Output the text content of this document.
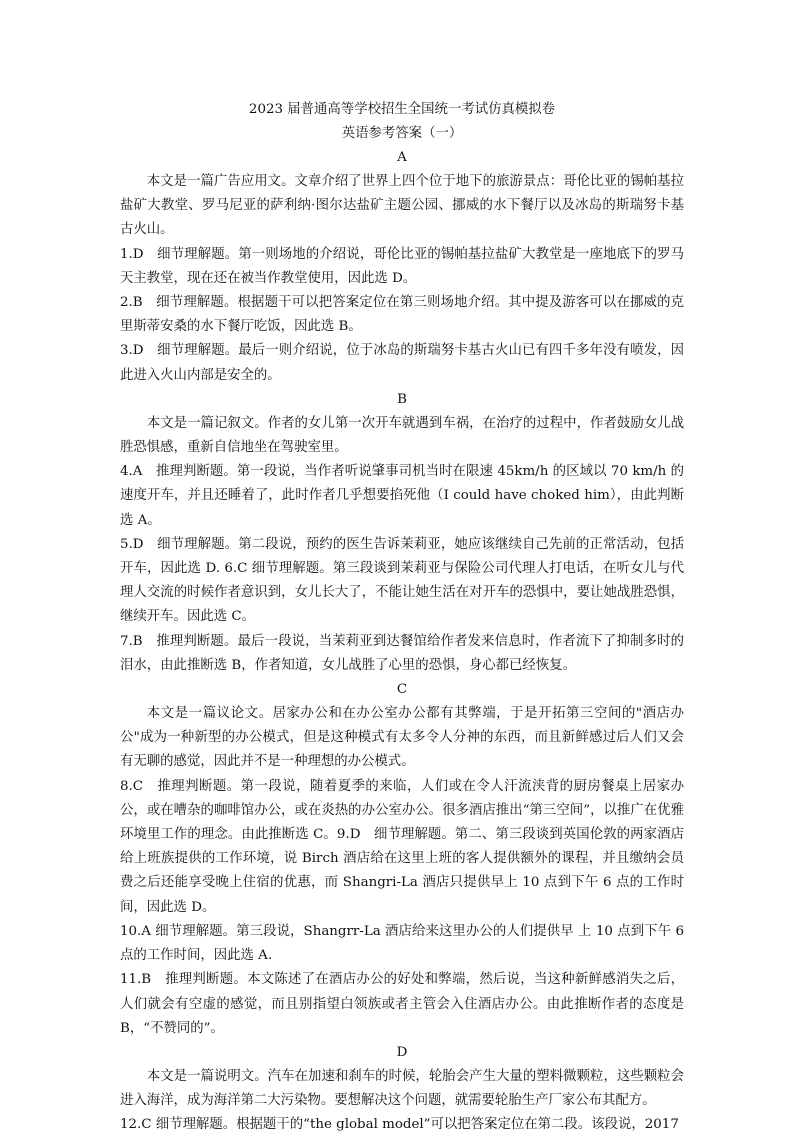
2023 届普通高等学校招生全国统一考试仿真模拟卷
英语参考答案（一）
A

本文是一篇广告应用文。文章介绍了世界上四个位于地下的旅游景点：哥伦比亚的锡帕基拉盐矿大教堂、罗马尼亚的萨利纳·图尔达盐矿主题公园、挪威的水下餐厅以及冰岛的斯瑞努卡基古火山。

1.D　细节理解题。第一则场地的介绍说，哥伦比亚的锡帕基拉盐矿大教堂是一座地底下的罗马天主教堂，现在还在被当作教堂使用，因此选 D。

2.B　细节理解题。根据题干可以把答案定位在第三则场地介绍。其中提及游客可以在挪威的克里斯蒂安桑的水下餐厅吃饭，因此选 B。

3.D　细节理解题。最后一则介绍说，位于冰岛的斯瑞努卡基古火山已有四千多年没有喷发，因此进入火山内部是安全的。

B

本文是一篇记叙文。作者的女儿第一次开车就遇到车祸，在治疗的过程中，作者鼓励女儿战胜恐惧感，重新自信地坐在驾驶室里。

4.A　推理判断题。第一段说，当作者听说肇事司机当时在限速 45km/h 的区域以 70 km/h 的速度开车，并且还睡着了，此时作者几乎想要掐死他（I could have choked him），由此判断选 A。

5.D　细节理解题。第二段说，预约的医生告诉茉莉亚，她应该继续自己先前的正常活动，包括开车，因此选 D. 6.C 细节理解题。第三段谈到茉莉亚与保险公司代理人打电话，在听女儿与代理人交流的时候作者意识到，女儿长大了，不能让她生活在对开车的恐惧中，要让她战胜恐惧，继续开车。因此选 C。

7.B　推理判断题。最后一段说，当茉莉亚到达餐馆给作者发来信息时，作者流下了抑制多时的泪水，由此推断选 B，作者知道，女儿战胜了心里的恐惧，身心都已经恢复。

C

本文是一篇议论文。居家办公和在办公室办公都有其弊端，于是开拓第三空间的"酒店办公"成为一种新型的办公模式，但是这种模式有太多令人分神的东西，而且新鲜感过后人们又会有无聊的感觉，因此并不是一种理想的办公模式。

8.C　推理判断题。第一段说，随着夏季的来临，人们或在令人汗流浃背的厨房餐桌上居家办公，或在嘈杂的咖啡馆办公，或在炎热的办公室办公。很多酒店推出“第三空间”，以推广在优雅环境里工作的理念。由此推断选 C。9.D　细节理解题。第二、第三段谈到英国伦敦的两家酒店给上班族提供的工作环境，说 Birch 酒店给在这里上班的客人提供额外的课程，并且缴纳会员费之后还能享受晚上住宿的优惠，而 Shangri-La 酒店只提供早上 10 点到下午 6 点的工作时间，因此选 D。

10.A 细节理解题。第三段说，Shangrr-La 酒店给来这里办公的人们提供早 上 10 点到下午 6 点的工作时间，因此选 A.

11.B　推理判断题。本文陈述了在酒店办公的好处和弊端，然后说，当这种新鲜感消失之后，人们就会有空虚的感觉，而且别指望白领族或者主管会入住酒店办公。由此推断作者的态度是 B，“不赞同的”。

D

本文是一篇说明文。汽车在加速和刹车的时候，轮胎会产生大量的塑料微颗粒，这些颗粒会进入海洋，成为海洋第二大污染物。要想解决这个问题，就需要轮胎生产厂家公布其配方。

12.C 细节理解题。根据题干的“the global model”可以把答案定位在第二段。该段说，2017
